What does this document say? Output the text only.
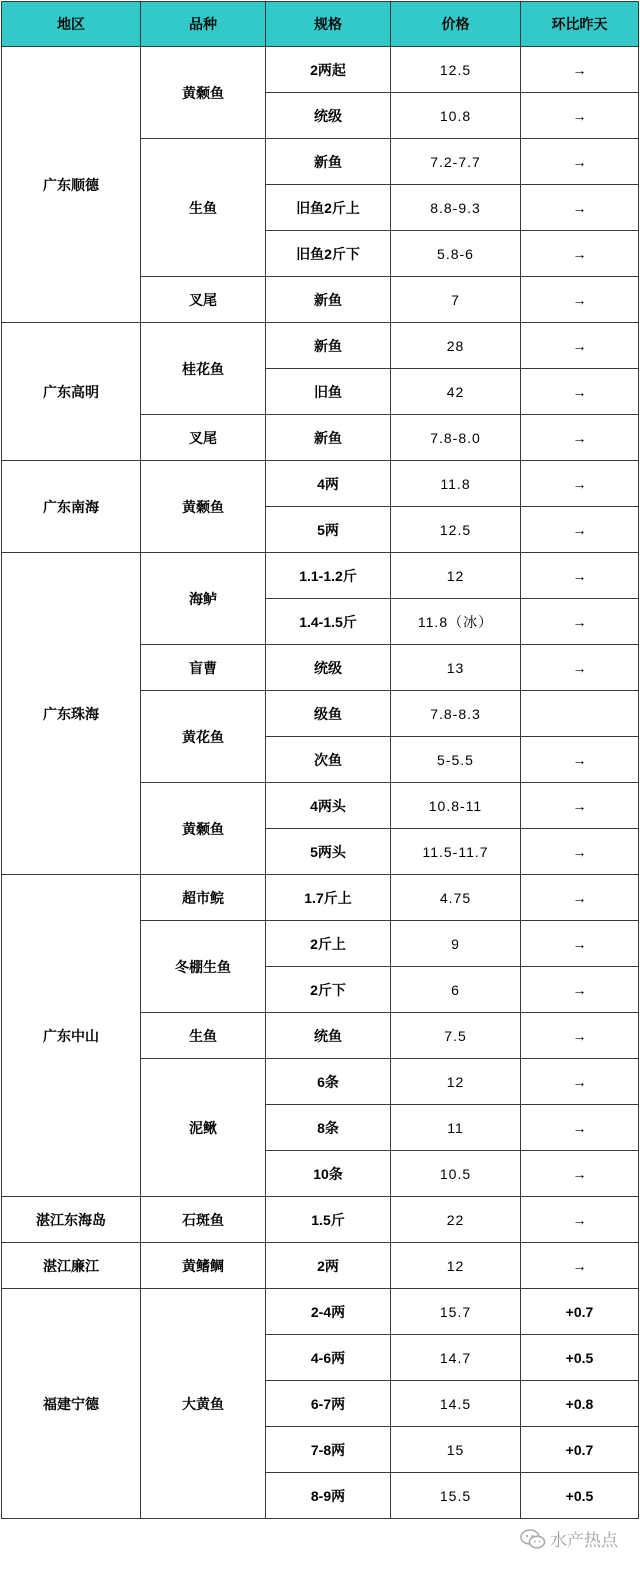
地区	品种	规格	价格	环比昨天
广东顺德	黄颡鱼	2两起	12.5	→
		统级	10.8	→
	生鱼	新鱼	7.2-7.7	→
		旧鱼2斤上	8.8-9.3	→
		旧鱼2斤下	5.8-6	→
	叉尾	新鱼	7	→
广东高明	桂花鱼	新鱼	28	→
		旧鱼	42	→
	叉尾	新鱼	7.8-8.0	→
广东南海	黄颡鱼	4两	11.8	→
		5两	12.5	→
广东珠海	海鲈	1.1-1.2斤	12	→
		1.4-1.5斤	11.8（冰）	→
	盲曹	统级	13	→
	黄花鱼	级鱼	7.8-8.3	
		次鱼	5-5.5	→
	黄颡鱼	4两头	10.8-11	→
		5两头	11.5-11.7	→
广东中山	超市鲩	1.7斤上	4.75	→
	冬棚生鱼	2斤上	9	→
		2斤下	6	→
	生鱼	统鱼	7.5	→
	泥鳅	6条	12	→
		8条	11	→
		10条	10.5	→
湛江东海岛	石斑鱼	1.5斤	22	→
湛江廉江	黄鳍鲷	2两	12	→
福建宁德	大黄鱼	2-4两	15.7	+0.7
		4-6两	14.7	+0.5
		6-7两	14.5	+0.8
		7-8两	15	+0.7
		8-9两	15.5	+0.5
水产热点
